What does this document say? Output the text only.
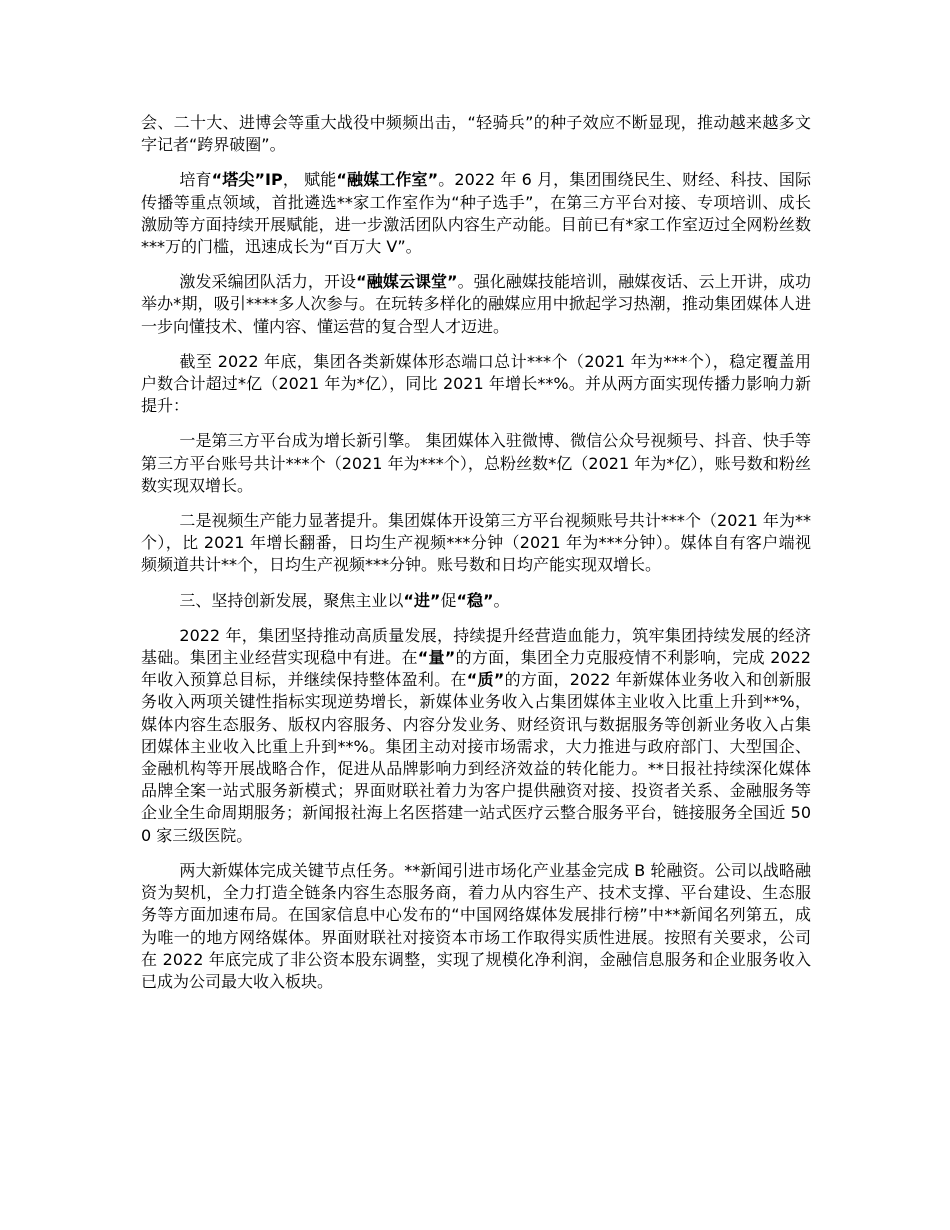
会、二十大、进博会等重大战役中频频出击，“轻骑兵”的种子效应不断显现，推动越来越多文字记者“跨界破圈”。

培育“塔尖”IP， 赋能“融媒工作室”。2022 年 6 月，集团围绕民生、财经、科技、国际传播等重点领域，首批遴选**家工作室作为“种子选手”，在第三方平台对接、专项培训、成长激励等方面持续开展赋能，进一步激活团队内容生产动能。目前已有*家工作室迈过全网粉丝数***万的门槛，迅速成长为“百万大 V”。

激发采编团队活力，开设“融媒云课堂”。强化融媒技能培训，融媒夜话、云上开讲，成功举办*期，吸引****多人次参与。在玩转多样化的融媒应用中掀起学习热潮，推动集团媒体人进一步向懂技术、懂内容、懂运营的复合型人才迈进。

截至 2022 年底，集团各类新媒体形态端口总计***个（2021 年为***个），稳定覆盖用户数合计超过*亿（2021 年为*亿），同比 2021 年增长**%。并从两方面实现传播力影响力新提升：

一是第三方平台成为增长新引擎。 集团媒体入驻微博、微信公众号视频号、抖音、快手等第三方平台账号共计***个（2021 年为***个），总粉丝数*亿（2021 年为*亿），账号数和粉丝数实现双增长。

二是视频生产能力显著提升。集团媒体开设第三方平台视频账号共计***个（2021 年为**个），比 2021 年增长翻番，日均生产视频***分钟（2021 年为***分钟）。媒体自有客户端视频频道共计**个，日均生产视频***分钟。账号数和日均产能实现双增长。

三、坚持创新发展，聚焦主业以“进”促“稳”。

2022 年，集团坚持推动高质量发展，持续提升经营造血能力，筑牢集团持续发展的经济基础。集团主业经营实现稳中有进。在“量”的方面，集团全力克服疫情不利影响，完成 2022 年收入预算总目标，并继续保持整体盈利。在“质”的方面，2022 年新媒体业务收入和创新服务收入两项关键性指标实现逆势增长，新媒体业务收入占集团媒体主业收入比重上升到**%，媒体内容生态服务、版权内容服务、内容分发业务、财经资讯与数据服务等创新业务收入占集团媒体主业收入比重上升到**%。集团主动对接市场需求，大力推进与政府部门、大型国企、金融机构等开展战略合作，促进从品牌影响力到经济效益的转化能力。**日报社持续深化媒体品牌全案一站式服务新模式；界面财联社着力为客户提供融资对接、投资者关系、金融服务等企业全生命周期服务；新闻报社海上名医搭建一站式医疗云整合服务平台，链接服务全国近 500 家三级医院。

两大新媒体完成关键节点任务。**新闻引进市场化产业基金完成 B 轮融资。公司以战略融资为契机，全力打造全链条内容生态服务商，着力从内容生产、技术支撑、平台建设、生态服务等方面加速布局。在国家信息中心发布的“中国网络媒体发展排行榜”中**新闻名列第五，成为唯一的地方网络媒体。界面财联社对接资本市场工作取得实质性进展。按照有关要求，公司在 2022 年底完成了非公资本股东调整，实现了规模化净利润，金融信息服务和企业服务收入已成为公司最大收入板块。
